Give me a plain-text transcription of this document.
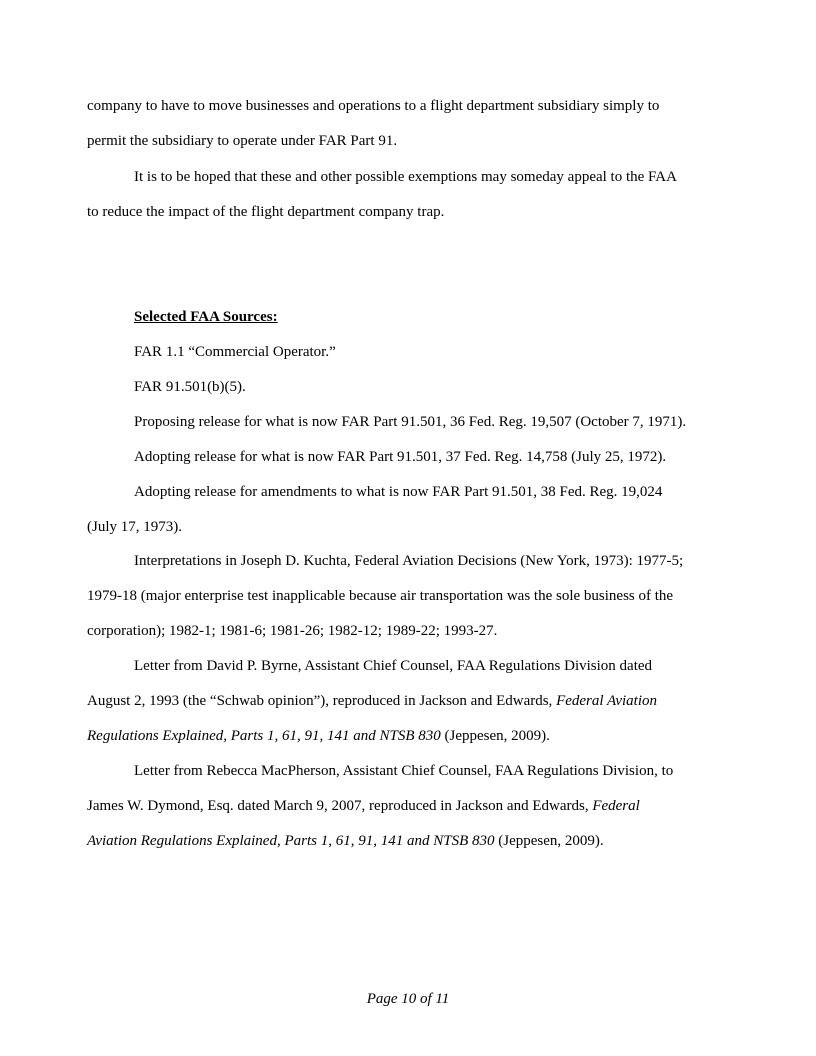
company to have to move businesses and operations to a flight department subsidiary simply to
permit the subsidiary to operate under FAR Part 91.
It is to be hoped that these and other possible exemptions may someday appeal to the FAA
to reduce the impact of the flight department company trap.
Selected FAA Sources:
FAR 1.1 “Commercial Operator.”
FAR 91.501(b)(5).
Proposing release for what is now FAR Part 91.501, 36 Fed. Reg. 19,507 (October 7, 1971).
Adopting release for what is now FAR Part 91.501, 37 Fed. Reg. 14,758 (July 25, 1972).
Adopting release for amendments to what is now FAR Part 91.501, 38 Fed. Reg. 19,024
(July 17, 1973).
Interpretations in Joseph D. Kuchta, Federal Aviation Decisions (New York, 1973): 1977-5;
1979-18 (major enterprise test inapplicable because air transportation was the sole business of the
corporation); 1982-1; 1981-6; 1981-26; 1982-12; 1989-22; 1993-27.
Letter from David P. Byrne, Assistant Chief Counsel, FAA Regulations Division dated
August 2, 1993 (the “Schwab opinion”), reproduced in Jackson and Edwards, Federal Aviation
Regulations Explained, Parts 1, 61, 91, 141 and NTSB 830 (Jeppesen, 2009).
Letter from Rebecca MacPherson, Assistant Chief Counsel, FAA Regulations Division, to
James W. Dymond, Esq. dated March 9, 2007, reproduced in Jackson and Edwards, Federal
Aviation Regulations Explained, Parts 1, 61, 91, 141 and NTSB 830 (Jeppesen, 2009).
Page 10 of 11
